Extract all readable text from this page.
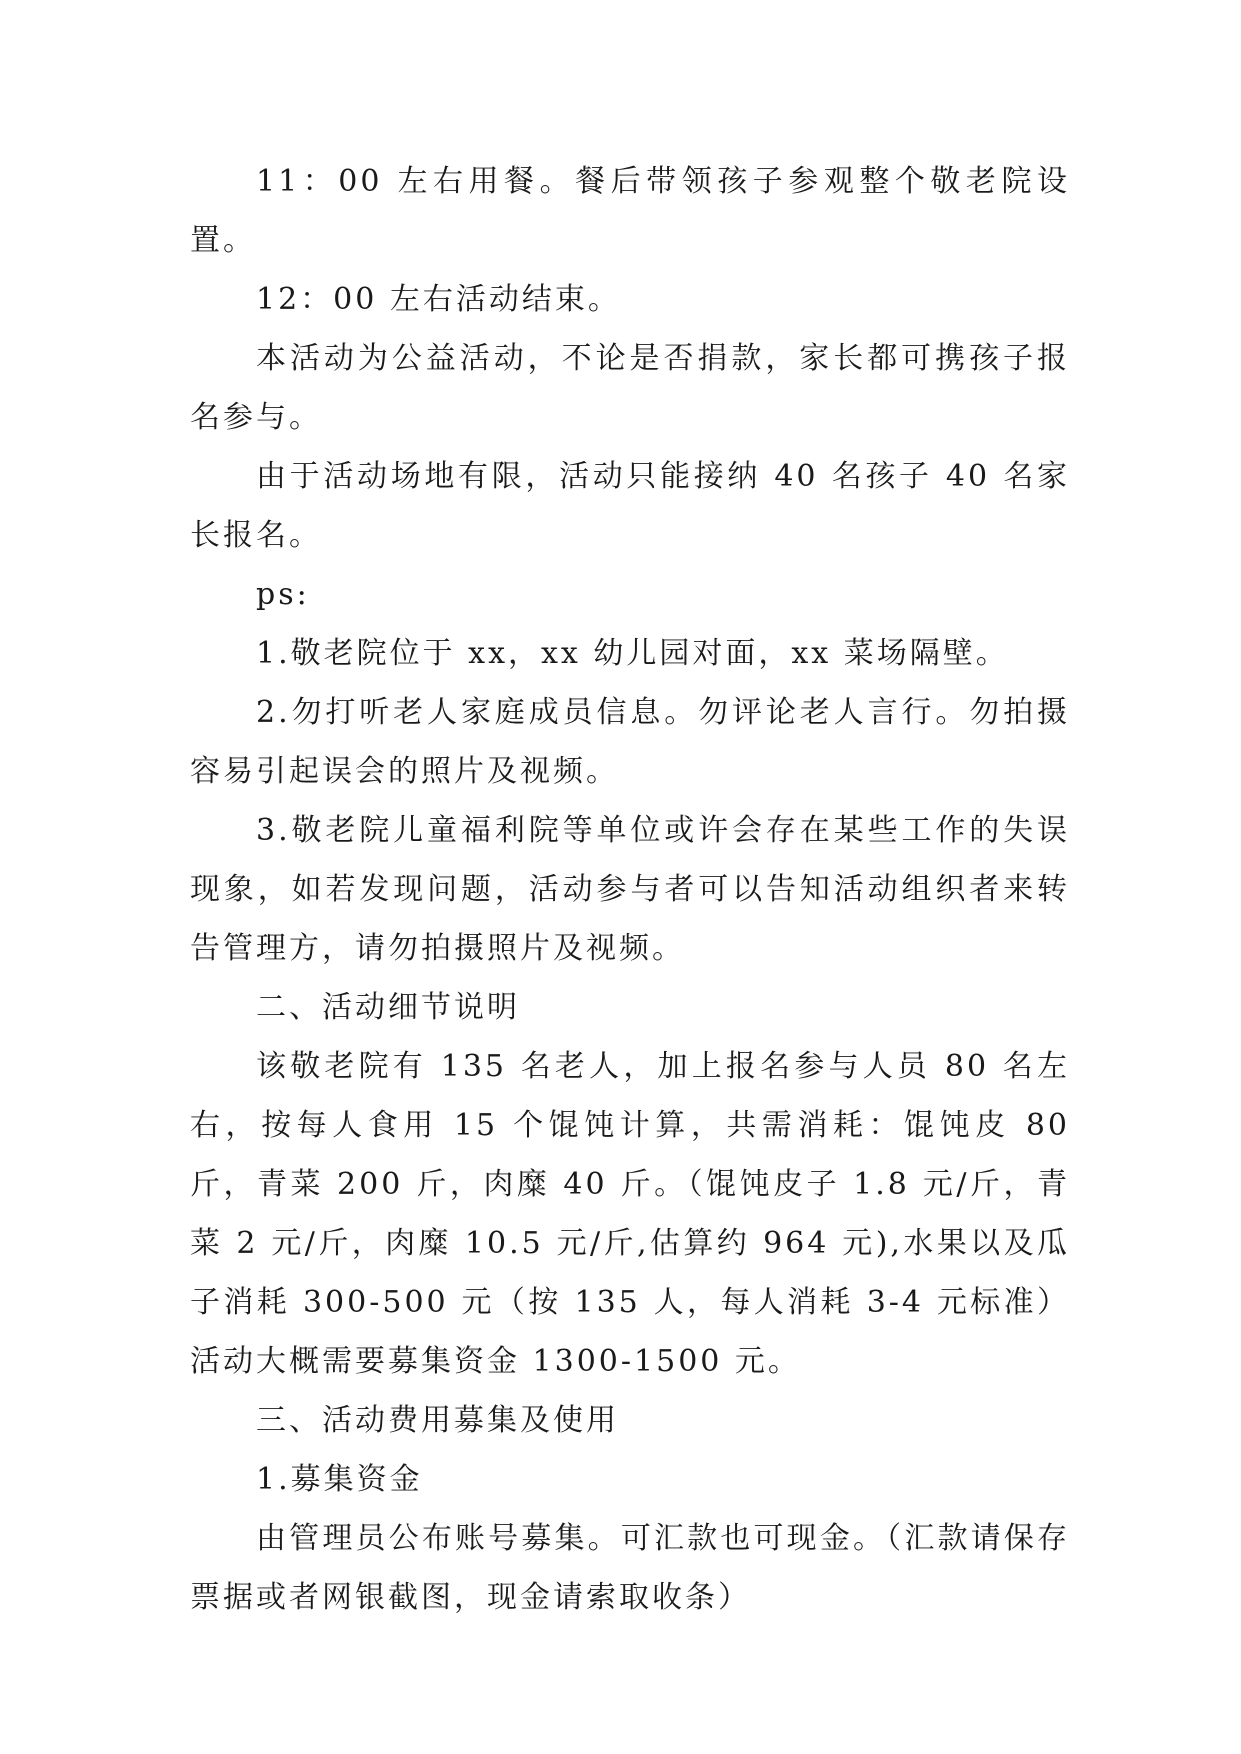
11：00 左右用餐。餐后带领孩子参观整个敬老院设置。

12：00 左右活动结束。

本活动为公益活动，不论是否捐款，家长都可携孩子报名参与。

由于活动场地有限，活动只能接纳 40 名孩子 40 名家长报名。

ps:

1.敬老院位于 xx，xx 幼儿园对面，xx 菜场隔壁。

2.勿打听老人家庭成员信息。勿评论老人言行。勿拍摄容易引起误会的照片及视频。

3.敬老院儿童福利院等单位或许会存在某些工作的失误现象，如若发现问题，活动参与者可以告知活动组织者来转告管理方，请勿拍摄照片及视频。

二、活动细节说明

该敬老院有 135 名老人，加上报名参与人员 80 名左右，按每人食用 15 个馄饨计算，共需消耗：馄饨皮 80 斤，青菜 200 斤，肉糜 40 斤。（馄饨皮子 1.8 元/斤，青菜 2 元/斤，肉糜 10.5 元/斤,估算约 964 元),水果以及瓜子消耗 300-500 元（按 135 人，每人消耗 3-4 元标准）活动大概需要募集资金 1300-1500 元。

三、活动费用募集及使用

1.募集资金

由管理员公布账号募集。可汇款也可现金。（汇款请保存票据或者网银截图，现金请索取收条）
